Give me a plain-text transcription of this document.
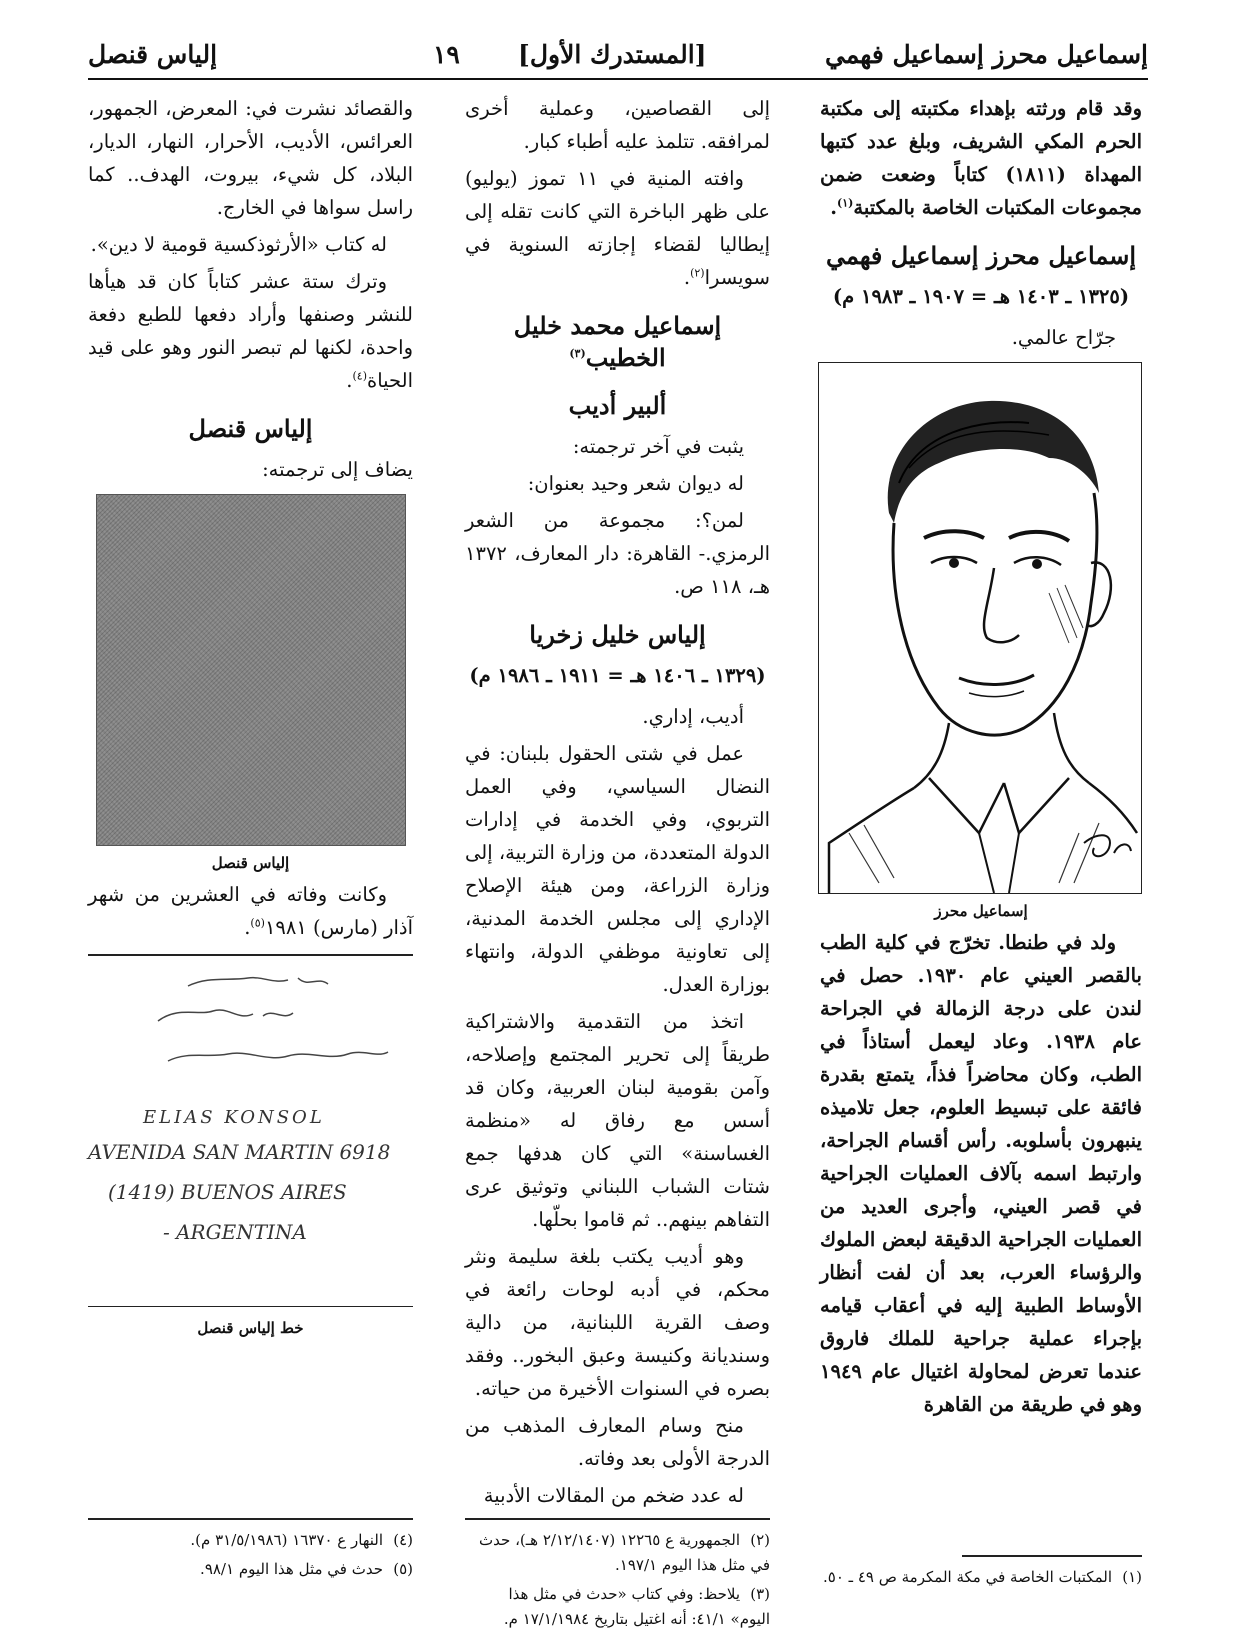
إسماعيل محرز إسماعيل فهمي
[المستدرك الأول]
١٩
إلياس قنصل

وقد قام ورثته بإهداء مكتبته إلى مكتبة الحرم المكي الشريف، وبلغ عدد كتبها المهداة (١٨١١) كتاباً وضعت ضمن مجموعات المكتبات الخاصة بالمكتبة$^{(١)}$.

إسماعيل محرز إسماعيل فهمي
(١٣٢٥ ـ ١٤٠٣ هـ = ١٩٠٧ ـ ١٩٨٣ م)

جرّاح عالمي.

إسماعيل محرز

ولد في طنطا. تخرّج في كلية الطب بالقصر العيني عام ١٩٣٠. حصل في لندن على درجة الزمالة في الجراحة عام ١٩٣٨. وعاد ليعمل أستاذاً في الطب، وكان محاضراً فذاً، يتمتع بقدرة فائقة على تبسيط العلوم، جعل تلاميذه ينبهرون بأسلوبه. رأس أقسام الجراحة، وارتبط اسمه بآلاف العمليات الجراحية في قصر العيني، وأجرى العديد من العمليات الجراحية الدقيقة لبعض الملوك والرؤساء العرب، بعد أن لفت أنظار الأوساط الطبية إليه في أعقاب قيامه بإجراء عملية جراحية للملك فاروق عندما تعرض لمحاولة اغتيال عام ١٩٤٩ وهو في طريقة من القاهرة

إلى القصاصين، وعملية أخرى لمرافقه. تتلمذ عليه أطباء كبار.

وافته المنية في ١١ تموز (يوليو) على ظهر الباخرة التي كانت تقله إلى إيطاليا لقضاء إجازته السنوية في سويسرا$^{(٢)}$.

إسماعيل محمد خليل الخطيب$^{(٣)}$
ألبير أديب

يثبت في آخر ترجمته:

له ديوان شعر وحيد بعنوان:

لمن؟: مجموعة من الشعر الرمزي.- القاهرة: دار المعارف، ١٣٧٢ هـ، ١١٨ ص.

إلياس خليل زخريا
(١٣٢٩ ـ ١٤٠٦ هـ = ١٩١١ ـ ١٩٨٦ م)

أديب، إداري.

عمل في شتى الحقول بلبنان: في النضال السياسي، وفي العمل التربوي، وفي الخدمة في إدارات الدولة المتعددة، من وزارة التربية، إلى وزارة الزراعة، ومن هيئة الإصلاح الإداري إلى مجلس الخدمة المدنية، إلى تعاونية موظفي الدولة، وانتهاء بوزارة العدل.

اتخذ من التقدمية والاشتراكية طريقاً إلى تحرير المجتمع وإصلاحه، وآمن بقومية لبنان العربية، وكان قد أسس مع رفاق له «منظمة الغساسنة» التي كان هدفها جمع شتات الشباب اللبناني وتوثيق عرى التفاهم بينهم.. ثم قاموا بحلّها.

وهو أديب يكتب بلغة سليمة ونثر محكم، في أدبه لوحات رائعة في وصف القرية اللبنانية، من دالية وسنديانة وكنيسة وعبق البخور.. وفقد بصره في السنوات الأخيرة من حياته.

منح وسام المعارف المذهب من الدرجة الأولى بعد وفاته.

له عدد ضخم من المقالات الأدبية

والقصائد نشرت في: المعرض، الجمهور، العرائس، الأديب، الأحرار، النهار، الديار، البلاد، كل شيء، بيروت، الهدف.. كما راسل سواها في الخارج.

له كتاب «الأرثوذكسية قومية لا دين».

وترك ستة عشر كتاباً كان قد هيأها للنشر وصنفها وأراد دفعها للطبع دفعة واحدة، لكنها لم تبصر النور وهو على قيد الحياة$^{(٤)}$.

إلياس قنصل

يضاف إلى ترجمته:

إلياس قنصل

وكانت وفاته في العشرين من شهر آذار (مارس) ١٩٨١$^{(٥)}$.

ELIAS KONSOL
AVENIDA SAN MARTIN 6918
(1419) BUENOS AIRES
- ARGENTINA
خط إلياس قنصل
(١)المكتبات الخاصة في مكة المكرمة ص ٤٩ ـ ٥٠.
(٢)الجمهورية ع ١٢٢٦٥ (٢/١٢/١٤٠٧ هـ)، حدث في مثل هذا اليوم ١٩٧/١.
(٣)يلاحظ: وفي كتاب «حدث في مثل هذا اليوم» ٤١/١: أنه اغتيل بتاريخ ١٧/١/١٩٨٤ م.
(٤)النهار ع ١٦٣٧٠ (٣١/٥/١٩٨٦ م).
(٥)حدث في مثل هذا اليوم ٩٨/١.
